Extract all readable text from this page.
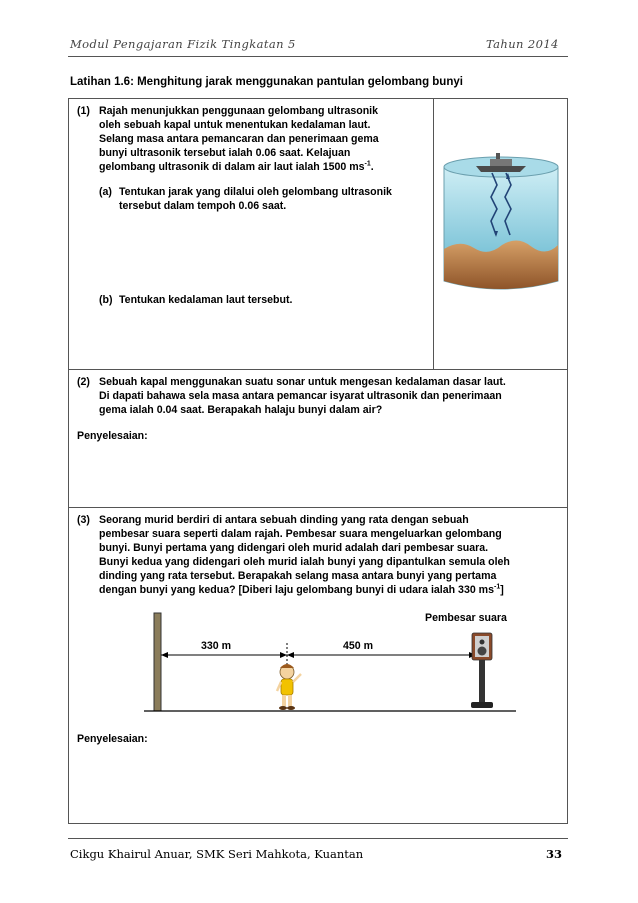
Modul Pengajaran Fizik Tingkatan 5	Tahun 2014
Latihan 1.6: Menghitung jarak menggunakan pantulan gelombang bunyi
(1) Rajah menunjukkan penggunaan gelombang ultrasonik
oleh sebuah kapal untuk menentukan kedalaman laut.
Selang masa antara pemancaran dan penerimaan gema
bunyi ultrasonik tersebut ialah 0.06 saat. Kelajuan
gelombang ultrasonik di dalam air laut ialah 1500 $ms^{-1}$.
(a) Tentukan jarak yang dilalui oleh gelombang ultrasonik
tersebut dalam tempoh 0.06 saat.
(b) Tentukan kedalaman laut tersebut.
(2) Sebuah kapal menggunakan suatu sonar untuk mengesan kedalaman dasar laut.
Di dapati bahawa sela masa antara pemancar isyarat ultrasonik dan penerimaan
gema ialah 0.04 saat. Berapakah halaju bunyi dalam air?
Penyelesaian:
(3) Seorang murid berdiri di antara sebuah dinding yang rata dengan sebuah
pembesar suara seperti dalam rajah. Pembesar suara mengeluarkan gelombang
bunyi. Bunyi pertama yang didengari oleh murid adalah dari pembesar suara.
Bunyi kedua yang didengari oleh murid ialah bunyi yang dipantulkan semula oleh
dinding yang rata tersebut. Berapakah selang masa antara bunyi yang pertama
dengan bunyi yang kedua? [Diberi laju gelombang bunyi di udara ialah 330 $ms^{-1}$]
Pembesar suara
330 m	450 m
Penyelesaian:
Cikgu Khairul Anuar, SMK Seri Mahkota, Kuantan	33
